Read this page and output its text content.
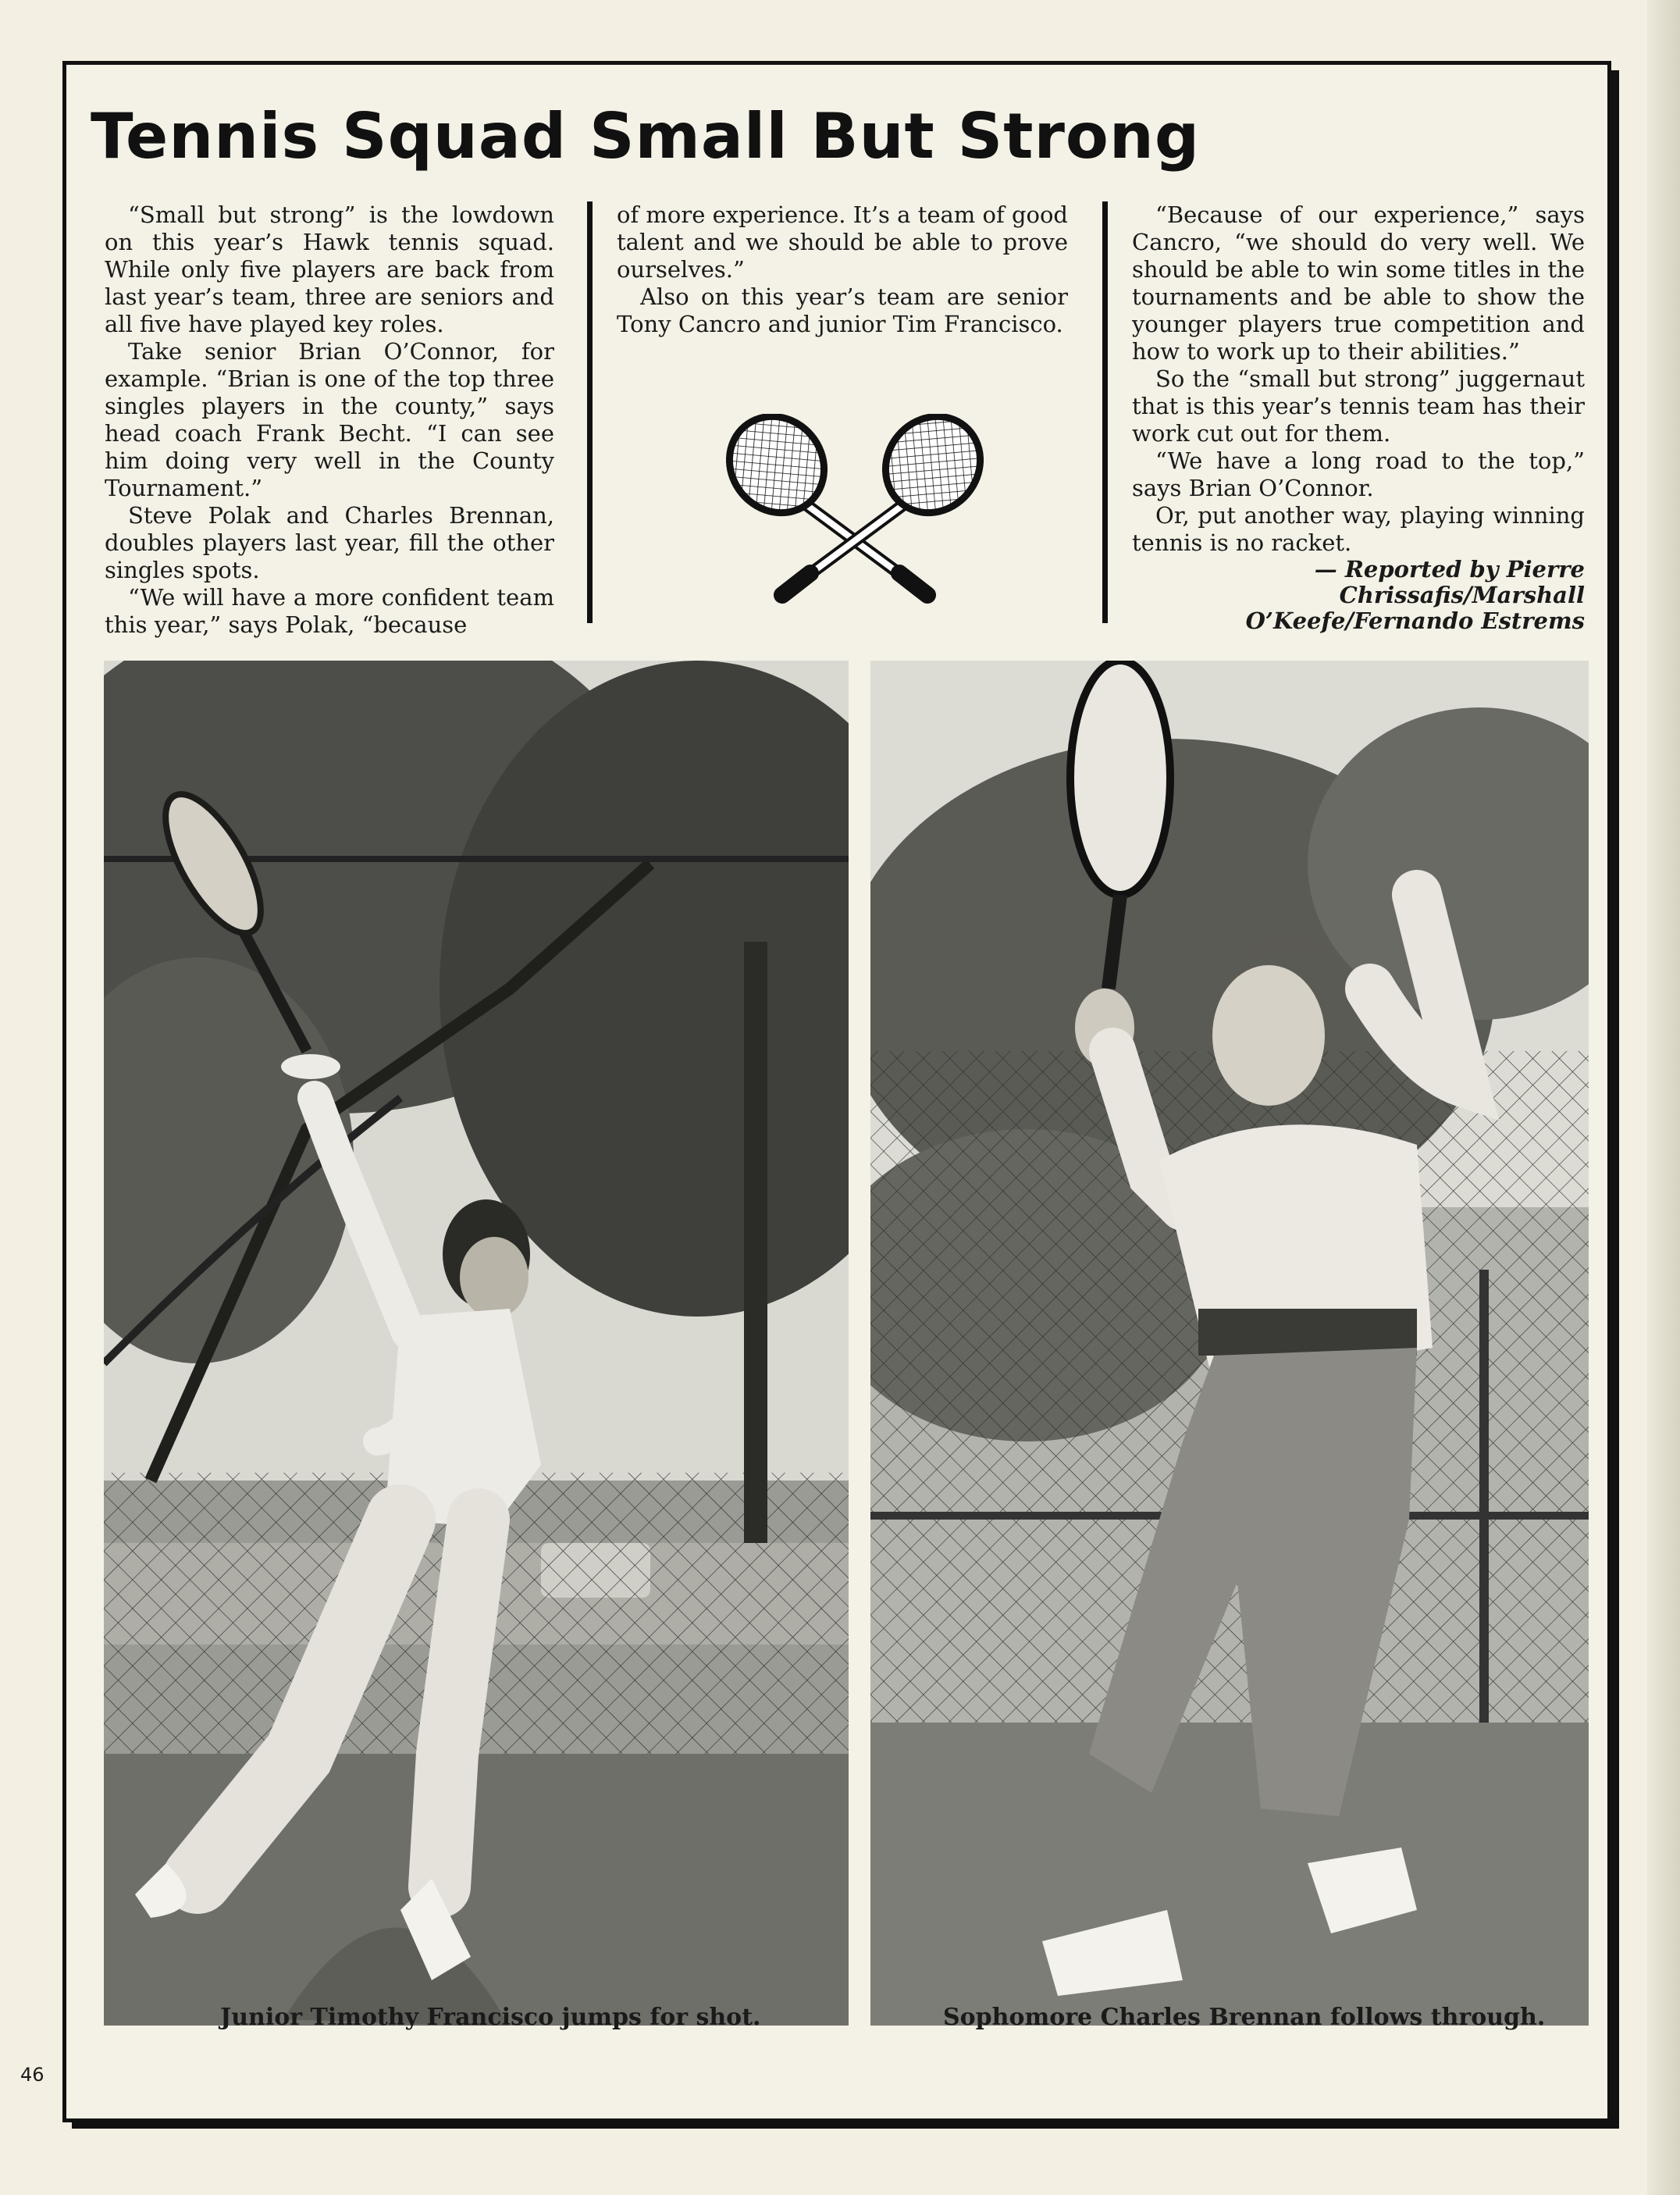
Tennis Squad Small But Strong

“Small but strong” is the lowdown on this year’s Hawk tennis squad. While only five players are back from last year’s team, three are seniors and all five have played key roles.

Take senior Brian O’Connor, for example. “Brian is one of the top three singles players in the county,” says head coach Frank Becht. “I can see him doing very well in the County Tournament.”

Steve Polak and Charles Brennan, doubles players last year, fill the other singles spots.

“We will have a more confident team this year,” says Polak, “because

of more experience. It’s a team of good talent and we should be able to prove ourselves.”

Also on this year’s team are senior Tony Cancro and junior Tim Francisco.

“Because of our experience,” says Cancro, “we should do very well. We should be able to win some titles in the tournaments and be able to show the younger players true competition and how to work up to their abilities.”

So the “small but strong” juggernaut that is this year’s tennis team has their work cut out for them.

“We have a long road to the top,” says Brian O’Connor.

Or, put another way, playing winning tennis is no racket.

— Reported by Pierre Chrissafis/Marshall O’Keefe/Fernando Estrems

Junior Timothy Francisco jumps for shot.	Sophomore Charles Brennan follows through.
46
